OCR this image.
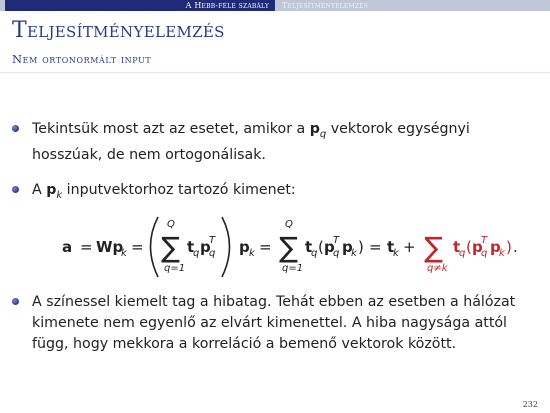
A Hebb-féle szabály	Teljesítményelemzés
Teljesítményelemzés
Nem ortonormált input
Tekintsük most azt az esetet, amikor a $p_q$ vektorok egységnyi hosszúak, de nem ortogonálisak.
A $p_k$ inputvektorhoz tartozó kimenet:
a = Wp
k =
Q
∑
q=1
t
q p
q
T p k =
Q
∑
q=1
t
q ( p
q
T p
k ) = t
k + ∑
q≠k
t
q ( p
q
T p
k ) .
A színessel kiemelt tag a hibatag. Tehát ebben az esetben a hálózat kimenete nem egyenlő az elvárt kimenettel. A hiba nagysága attól függ, hogy mekkora a korreláció a bemenő vektorok között.
232
